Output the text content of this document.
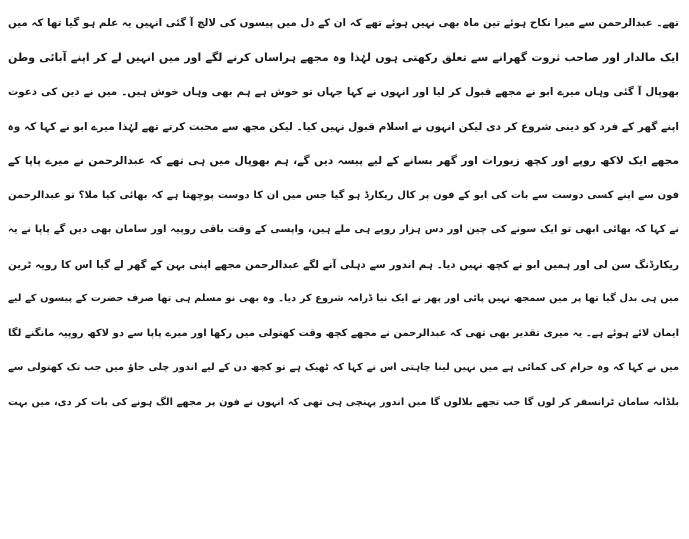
تھے۔ عبدالرحمن سے میرا نکاح ہوئے تین ماہ بھی نہیں ہوئے تھے کہ ان کے دل میں پیسوں کی لالچ آ گئی انہیں یہ علم ہو گیا تھا کہ میں
ایک مالدار اور صاحب ثروت گھرانے سے تعلق رکھتی ہوں لہٰذا وہ مجھے ہراساں کرنے لگے اور میں انہیں لے کر اپنے آبائی وطن
بھوپال آ گئی وہاں میرے ابو نے مجھے قبول کر لیا اور انہوں نے کہا جہاں تو خوش ہے ہم بھی وہاں خوش ہیں۔ میں نے دین کی دعوت
اپنے گھر کے فرد کو دینی شروع کر دی لیکن انہوں نے اسلام قبول نہیں کیا۔ لیکن مجھ سے محبت کرتے تھے لہٰذا میرے ابو نے کہا کہ وہ
مجھے ایک لاکھ روپے اور کچھ زیورات اور گھر بسانے کے لیے پیسہ دیں گے، ہم بھوپال میں ہی تھے کہ عبدالرحمن نے میرے پاپا کے
فون سے اپنے کسی دوست سے بات کی ابو کے فون پر کال ریکارڈ ہو گیا جس میں ان کا دوست پوچھتا ہے کہ بھائی کیا ملا؟ تو عبدالرحمن
نے کہا کہ بھائی ابھی تو ایک سونے کی چین اور دس ہزار روپے ہی ملے ہیں، واپسی کے وقت باقی روپیہ اور سامان بھی دیں گے پاپا نے یہ
ریکارڈنگ سن لی اور ہمیں ابو نے کچھ نہیں دیا۔ ہم اندور سے دہلی آنے لگے عبدالرحمن مجھے اپنی بہن کے گھر لے گیا اس کا رویہ ٹرین
میں ہی بدل گیا تھا پر میں سمجھ نہیں پائی اور پھر نے ایک نیا ڈرامہ شروع کر دیا۔ وہ بھی نو مسلم ہی تھا صرف حضرت کے پیسوں کے لیے
ایمان لائے ہوئے ہے۔ یہ میری تقدیر بھی تھی کہ عبدالرحمن نے مجھے کچھ وقت کھتولی میں رکھا اور میرے پاپا سے دو لاکھ روپیہ مانگنے لگا
میں نے کہا کہ وہ حرام کی کمائی ہے میں نہیں لینا چاہتی اس نے کہا کہ ٹھیک ہے تو کچھ دن کے لیے اندور چلی جاؤ میں جب تک کھتولی سے
بلڈانہ سامان ٹرانسفر کر لوں گا جب تجھے بلالوں گا میں اندور پہنچی ہی تھی کہ انہوں نے فون پر مجھے الگ ہونے کی بات کر دی، میں بہت
